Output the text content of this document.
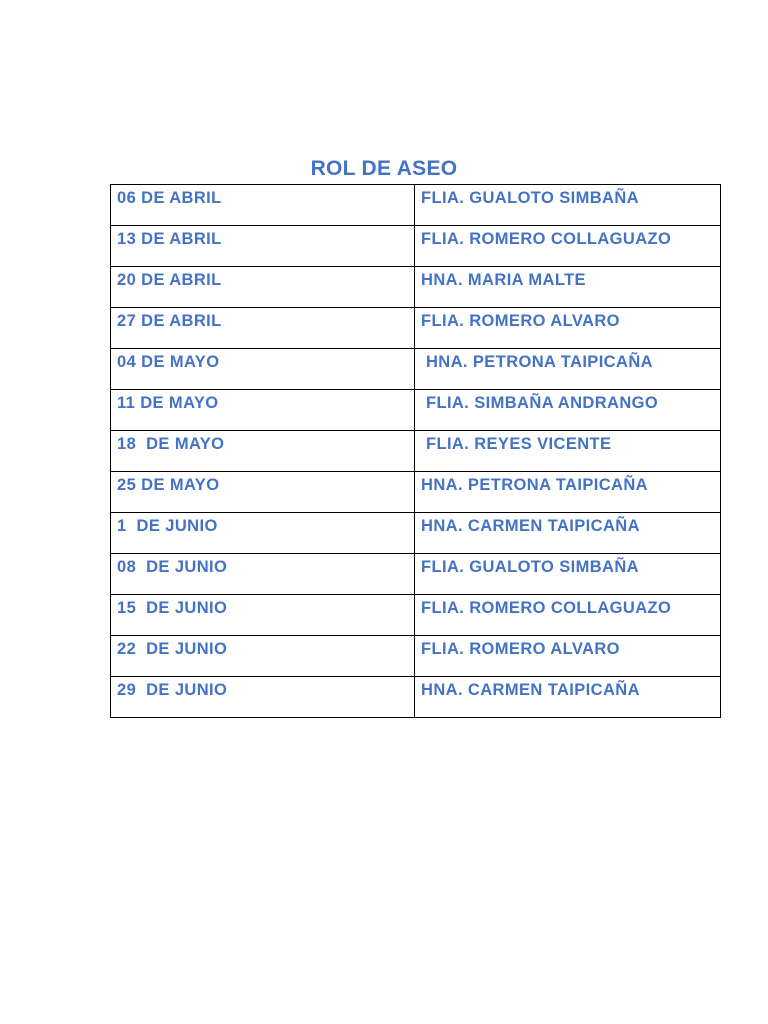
ROL DE ASEO
06 DE ABRIL	FLIA. GUALOTO SIMBAÑA
13 DE ABRIL	FLIA. ROMERO COLLAGUAZO
20 DE ABRIL	HNA. MARIA MALTE
27 DE ABRIL	FLIA. ROMERO ALVARO
04 DE MAYO	HNA. PETRONA TAIPICAÑA
11 DE MAYO	FLIA. SIMBAÑA ANDRANGO
18  DE MAYO	FLIA. REYES VICENTE
25 DE MAYO	HNA. PETRONA TAIPICAÑA
1  DE JUNIO	HNA. CARMEN TAIPICAÑA
08  DE JUNIO	FLIA. GUALOTO SIMBAÑA
15  DE JUNIO	FLIA. ROMERO COLLAGUAZO
22  DE JUNIO	FLIA. ROMERO ALVARO
29  DE JUNIO	HNA. CARMEN TAIPICAÑA
